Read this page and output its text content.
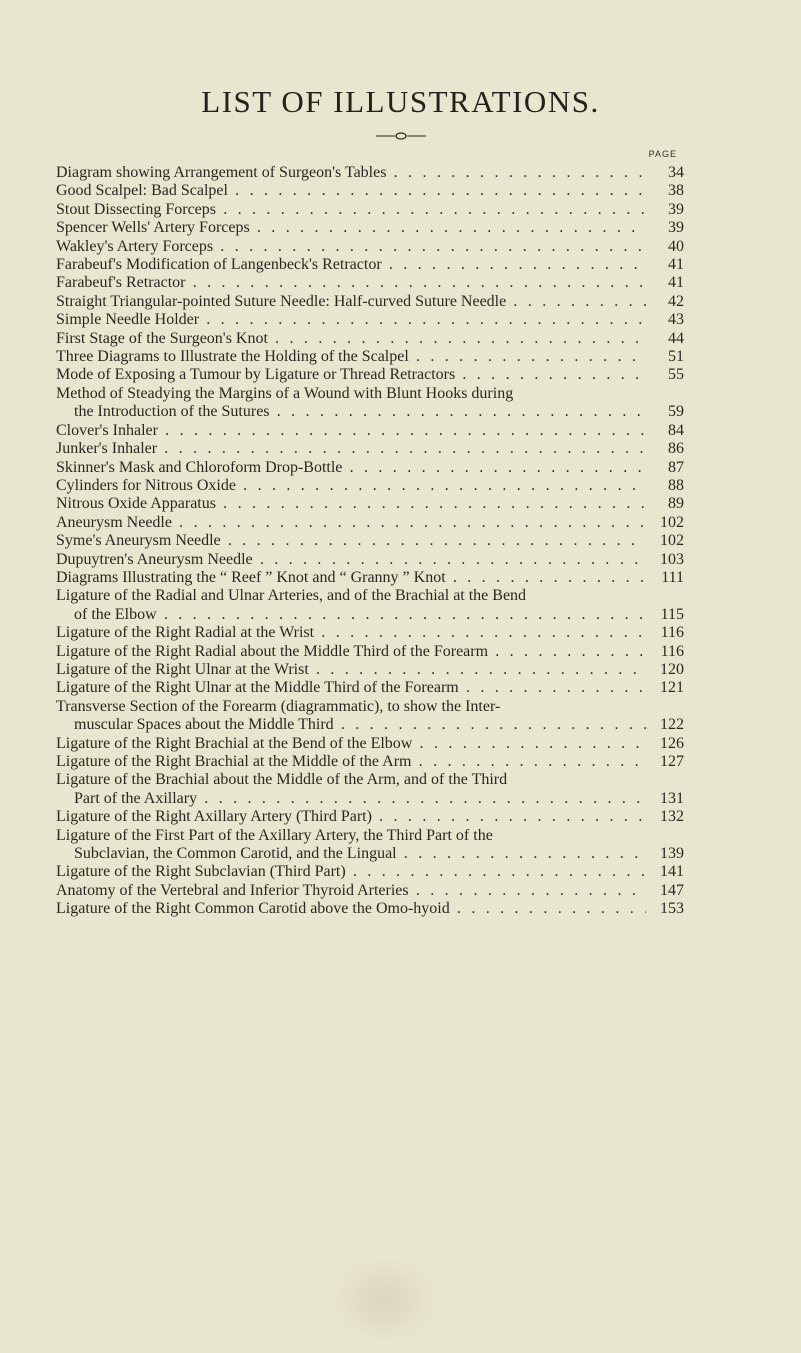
LIST OF ILLUSTRATIONS.
PAGE
Diagram showing Arrangement of Surgeon's Tables . . .	34
Good Scalpel: Bad Scalpel . . .	38
Stout Dissecting Forceps . . .	39
Spencer Wells' Artery Forceps . . .	39
Wakley's Artery Forceps . . .	40
Farabeuf's Modification of Langenbeck's Retractor . . .	41
Farabeuf's Retractor . . .	41
Straight Triangular-pointed Suture Needle: Half-curved Suture Needle . . .	42
Simple Needle Holder . . .	43
First Stage of the Surgeon's Knot . . .	44
Three Diagrams to Illustrate the Holding of the Scalpel . . .	51
Mode of Exposing a Tumour by Ligature or Thread Retractors . . .	55
Method of Steadying the Margins of a Wound with Blunt Hooks during
the Introduction of the Sutures . . .	59
Clover's Inhaler . . .	84
Junker's Inhaler . . .	86
Skinner's Mask and Chloroform Drop-Bottle . . .	87
Cylinders for Nitrous Oxide . . .	88
Nitrous Oxide Apparatus . . .	89
Aneurysm Needle . . .	102
Syme's Aneurysm Needle . . .	102
Dupuytren's Aneurysm Needle . . .	103
Diagrams Illustrating the “ Reef ” Knot and “ Granny ” Knot . . .	111
Ligature of the Radial and Ulnar Arteries, and of the Brachial at the Bend
of the Elbow . . .	115
Ligature of the Right Radial at the Wrist . . .	116
Ligature of the Right Radial about the Middle Third of the Forearm . . .	116
Ligature of the Right Ulnar at the Wrist . . .	120
Ligature of the Right Ulnar at the Middle Third of the Forearm . . .	121
Transverse Section of the Forearm (diagrammatic), to show the Inter-
muscular Spaces about the Middle Third . . .	122
Ligature of the Right Brachial at the Bend of the Elbow . . .	126
Ligature of the Right Brachial at the Middle of the Arm . . .	127
Ligature of the Brachial about the Middle of the Arm, and of the Third
Part of the Axillary . . .	131
Ligature of the Right Axillary Artery (Third Part) . . .	132
Ligature of the First Part of the Axillary Artery, the Third Part of the
Subclavian, the Common Carotid, and the Lingual . . .	139
Ligature of the Right Subclavian (Third Part) . . .	141
Anatomy of the Vertebral and Inferior Thyroid Arteries . . .	147
Ligature of the Right Common Carotid above the Omo-hyoid . . .	153
